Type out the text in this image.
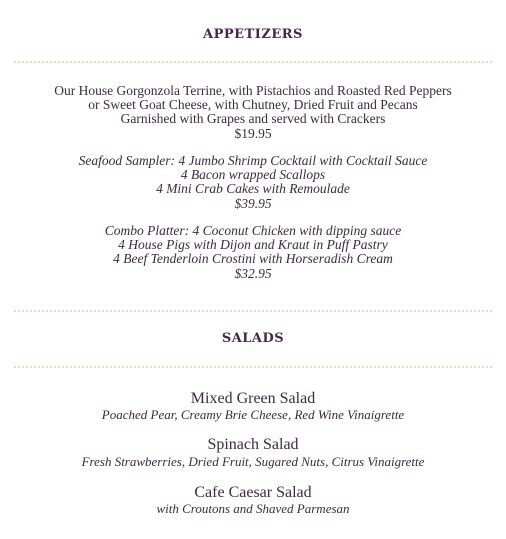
APPETIZERS
Our House Gorgonzola Terrine, with Pistachios and Roasted Red Peppers
or Sweet Goat Cheese, with Chutney, Dried Fruit and Pecans
Garnished with Grapes and served with Crackers
$19.95
Seafood Sampler: 4 Jumbo Shrimp Cocktail with Cocktail Sauce
4 Bacon wrapped Scallops
4 Mini Crab Cakes with Remoulade
$39.95
Combo Platter: 4 Coconut Chicken with dipping sauce
4 House Pigs with Dijon and Kraut in Puff Pastry
4 Beef Tenderloin Crostini with Horseradish Cream
$32.95
SALADS
Mixed Green Salad
Poached Pear, Creamy Brie Cheese, Red Wine Vinaigrette
Spinach Salad
Fresh Strawberries, Dried Fruit, Sugared Nuts, Citrus Vinaigrette
Cafe Caesar Salad
with Croutons and Shaved Parmesan
